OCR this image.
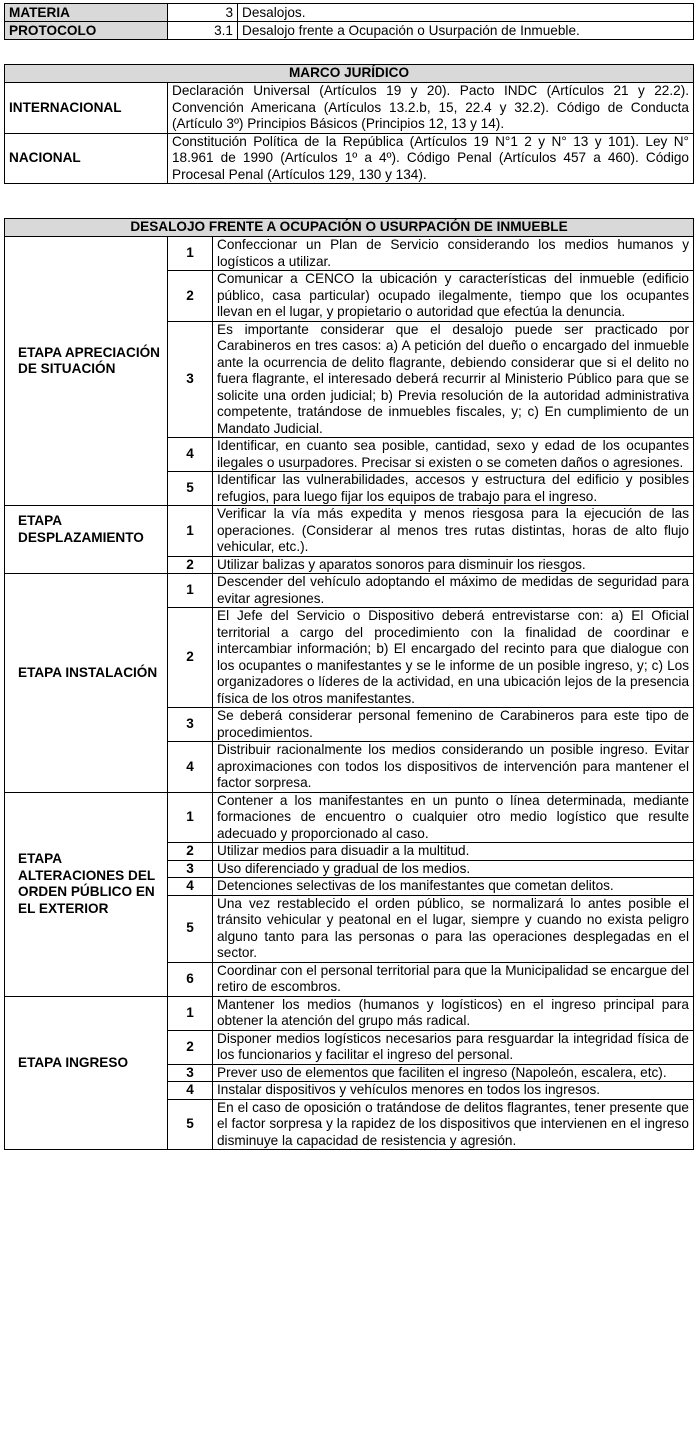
MATERIA	3	Desalojos.
PROTOCOLO	3.1	Desalojo frente a Ocupación o Usurpación de Inmueble.
MARCO JURÍDICO	
INTERNACIONAL	Declaración Universal (Artículos 19 y 20). Pacto INDC (Artículos 21 y 22.2). Convención Americana (Artículos 13.2.b, 15, 22.4 y 32.2). Código de Conducta (Artículo 3º) Principios Básicos (Principios 12, 13 y 14).
NACIONAL	Constitución Política de la República (Artículos 19 N°1 2 y N° 13 y 101). Ley N° 18.961 de 1990 (Artículos 1º a 4º). Código Penal (Artículos 457 a 460). Código Procesal Penal (Artículos 129, 130 y 134).
DESALOJO FRENTE A OCUPACIÓN O USURPACIÓN DE INMUEBLE		
ETAPA APRECIACIÓN DE SITUACIÓN	1	Confeccionar un Plan de Servicio considerando los medios humanos y logísticos a utilizar.
	2	Comunicar a CENCO la ubicación y características del inmueble (edificio público, casa particular) ocupado ilegalmente, tiempo que los ocupantes llevan en el lugar, y propietario o autoridad que efectúa la denuncia.
	3	Es importante considerar que el desalojo puede ser practicado por Carabineros en tres casos: a) A petición del dueño o encargado del inmueble ante la ocurrencia de delito flagrante, debiendo considerar que si el delito no fuera flagrante, el interesado deberá recurrir al Ministerio Público para que se solicite una orden judicial; b) Previa resolución de la autoridad administrativa competente, tratándose de inmuebles fiscales, y; c) En cumplimiento de un Mandato Judicial.
	4	Identificar, en cuanto sea posible, cantidad, sexo y edad de los ocupantes ilegales o usurpadores. Precisar si existen o se cometen daños o agresiones.
	5	Identificar las vulnerabilidades, accesos y estructura del edificio y posibles refugios, para luego fijar los equipos de trabajo para el ingreso.
ETAPA DESPLAZAMIENTO	1	Verificar la vía más expedita y menos riesgosa para la ejecución de las operaciones. (Considerar al menos tres rutas distintas, horas de alto flujo vehicular, etc.).
	2	Utilizar balizas y aparatos sonoros para disminuir los riesgos.
ETAPA INSTALACIÓN	1	Descender del vehículo adoptando el máximo de medidas de seguridad para evitar agresiones.
	2	El Jefe del Servicio o Dispositivo deberá entrevistarse con: a) El Oficial territorial a cargo del procedimiento con la finalidad de coordinar e intercambiar información; b) El encargado del recinto para que dialogue con los ocupantes o manifestantes y se le informe de un posible ingreso, y; c) Los organizadores o líderes de la actividad, en una ubicación lejos de la presencia física de los otros manifestantes.
	3	Se deberá considerar personal femenino de Carabineros para este tipo de procedimientos.
	4	Distribuir racionalmente los medios considerando un posible ingreso. Evitar aproximaciones con todos los dispositivos de intervención para mantener el factor sorpresa.
ETAPA ALTERACIONES DEL ORDEN PÚBLICO EN EL EXTERIOR	1	Contener a los manifestantes en un punto o línea determinada, mediante formaciones de encuentro o cualquier otro medio logístico que resulte adecuado y proporcionado al caso.
	2	Utilizar medios para disuadir a la multitud.
	3	Uso diferenciado y gradual de los medios.
	4	Detenciones selectivas de los manifestantes que cometan delitos.
	5	Una vez restablecido el orden público, se normalizará lo antes posible el tránsito vehicular y peatonal en el lugar, siempre y cuando no exista peligro alguno tanto para las personas o para las operaciones desplegadas en el sector.
	6	Coordinar con el personal territorial para que la Municipalidad se encargue del retiro de escombros.
ETAPA INGRESO	1	Mantener los medios (humanos y logísticos) en el ingreso principal para obtener la atención del grupo más radical.
	2	Disponer medios logísticos necesarios para resguardar la integridad física de los funcionarios y facilitar el ingreso del personal.
	3	Prever uso de elementos que faciliten el ingreso (Napoleón, escalera, etc).
	4	Instalar dispositivos y vehículos menores en todos los ingresos.
	5	En el caso de oposición o tratándose de delitos flagrantes, tener presente que el factor sorpresa y la rapidez de los dispositivos que intervienen en el ingreso disminuye la capacidad de resistencia y agresión.
